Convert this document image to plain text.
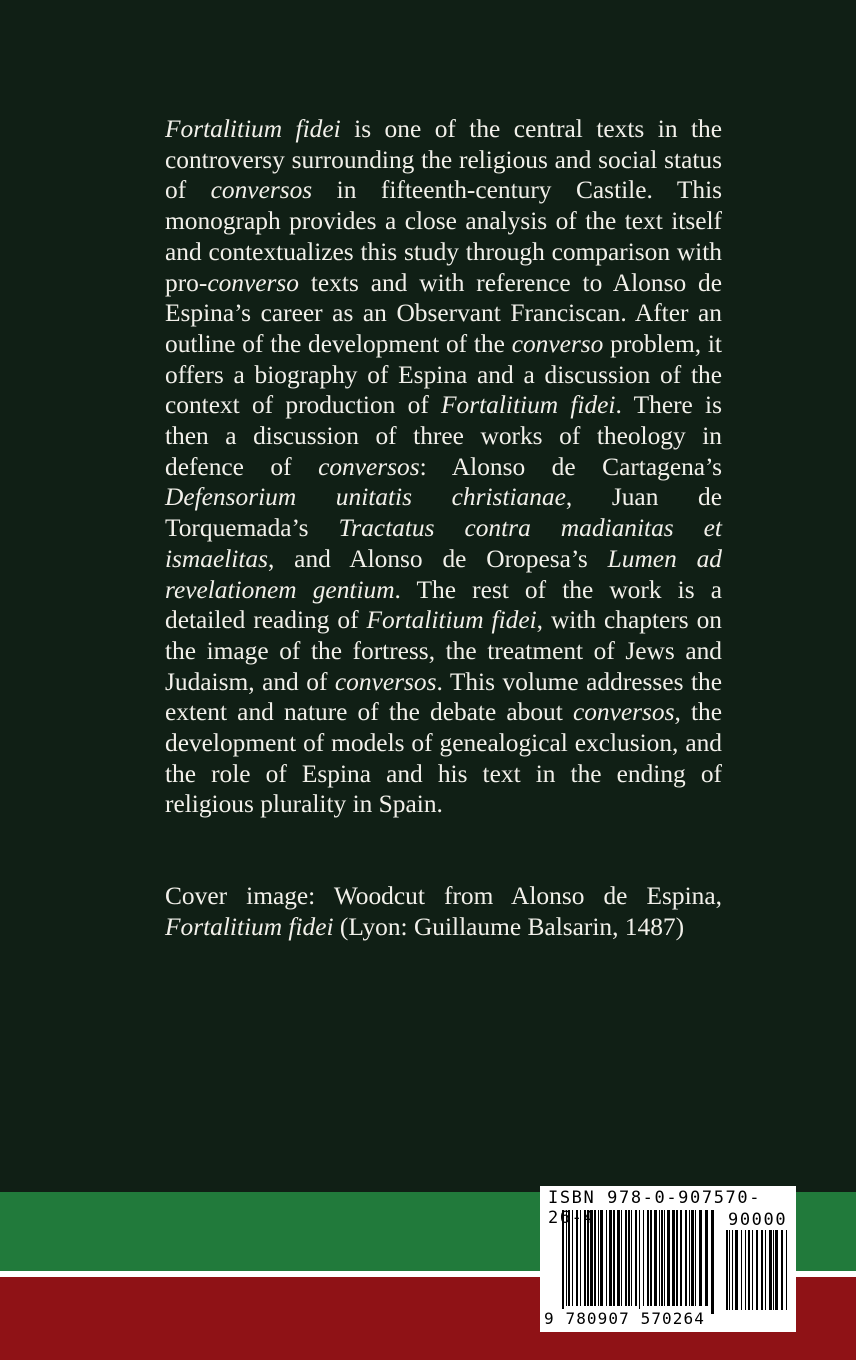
Fortalitium fidei is one of the central texts in the controversy surrounding the religious and social status of conversos in fifteenth-century Castile. This monograph provides a close analysis of the text itself and contextualizes this study through comparison with pro-converso texts and with reference to Alonso de Espina’s career as an Observant Franciscan. After an outline of the development of the converso problem, it offers a biography of Espina and a discussion of the context of production of Fortalitium fidei. There is then a discussion of three works of theology in defence of conversos: Alonso de Cartagena’s Defensorium unitatis christianae, Juan de Torquemada’s Tractatus contra madianitas et ismaelitas, and Alonso de Oropesa’s Lumen ad revelationem gentium. The rest of the work is a detailed reading of Fortalitium fidei, with chapters on the image of the fortress, the treatment of Jews and Judaism, and of conversos. This volume addresses the extent and nature of the debate about conversos, the development of models of genealogical exclusion, and the role of Espina and his text in the ending of religious plurality in Spain.

Cover image: Woodcut from Alonso de Espina, Fortalitium fidei (Lyon: Guillaume Balsarin, 1487)

ISBN 978-0-907570-26-4	90000
9 780907 570264
